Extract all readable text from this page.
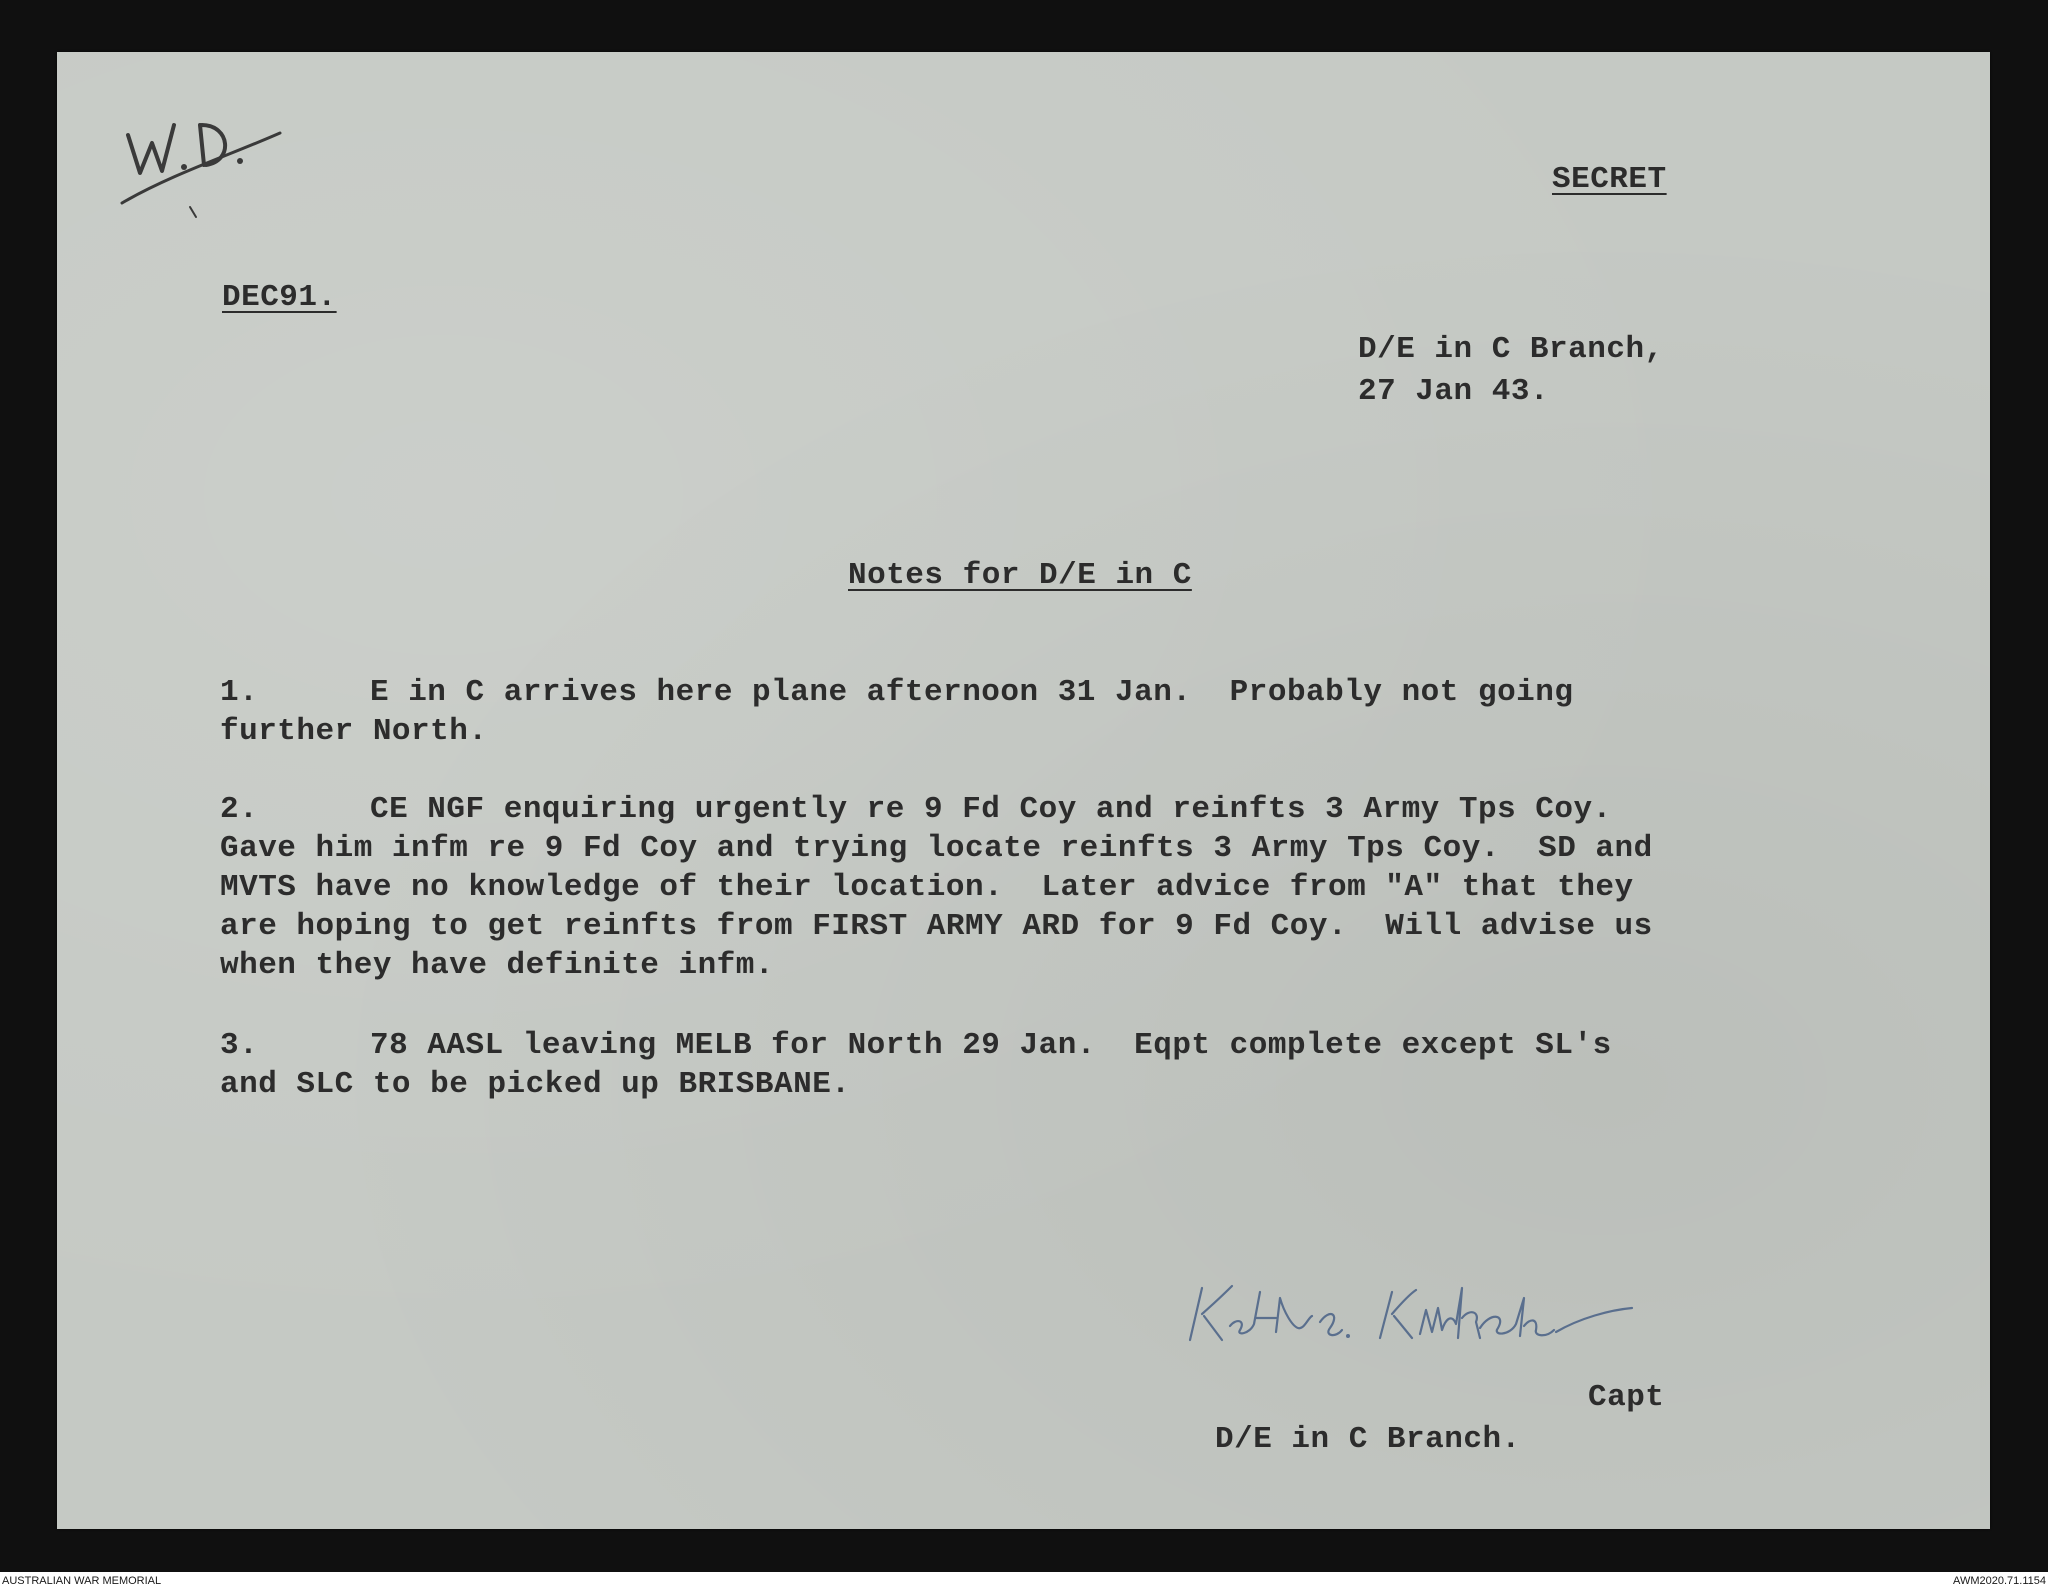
SECRET

DEC91.

D/E in C Branch,

27 Jan 43.

Notes for D/E in C

1.	E in C arrives here plane afternoon 31 Jan.  Probably not going

further North.

2.	CE NGF enquiring urgently re 9 Fd Coy and reinfts 3 Army Tps Coy.

Gave him infm re 9 Fd Coy and trying locate reinfts 3 Army Tps Coy.  SD and

MVTS have no knowledge of their location.  Later advice from "A" that they

are hoping to get reinfts from FIRST ARMY ARD for 9 Fd Coy.  Will advise us

when they have definite infm.

3.	78 AASL leaving MELB for North 29 Jan.  Eqpt complete except SL's

and SLC to be picked up BRISBANE.

Capt

D/E in C Branch.

AUSTRALIAN WAR MEMORIAL	AWM2020.71.1154
